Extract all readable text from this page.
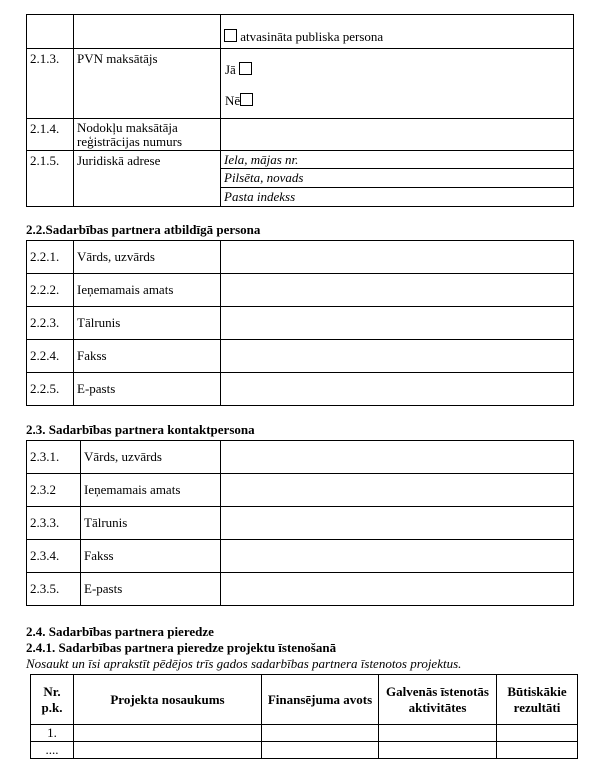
		atvasināta publiska persona
2.1.3.	PVN maksātājs	Jā
Nē

2.1.4.	Nodokļu maksātāja reģistrācijas numurs	
2.1.5.	Juridiskā adrese	Iela, mājas nr.
Pilsēta, novads
Pasta indekss
2.2.Sadarbības partnera atbildīgā persona
2.2.1.	Vārds, uzvārds	
2.2.2.	Ieņemamais amats	
2.2.3.	Tālrunis	
2.2.4.	Fakss	
2.2.5.	E-pasts	
2.3. Sadarbības partnera kontaktpersona
2.3.1.	Vārds, uzvārds	
2.3.2	Ieņemamais amats	
2.3.3.	Tālrunis	
2.3.4.	Fakss	
2.3.5.	E-pasts	
2.4. Sadarbības partnera pieredze
2.4.1. Sadarbības partnera pieredze projektu īstenošanā
Nosaukt un īsi aprakstīt pēdējos trīs gados sadarbības partnera īstenotos projektus.
Nr. p.k.	Projekta nosaukums	Finansējuma avots	Galvenās īstenotās aktivitātes	Būtiskākie rezultāti
1.				
....				
